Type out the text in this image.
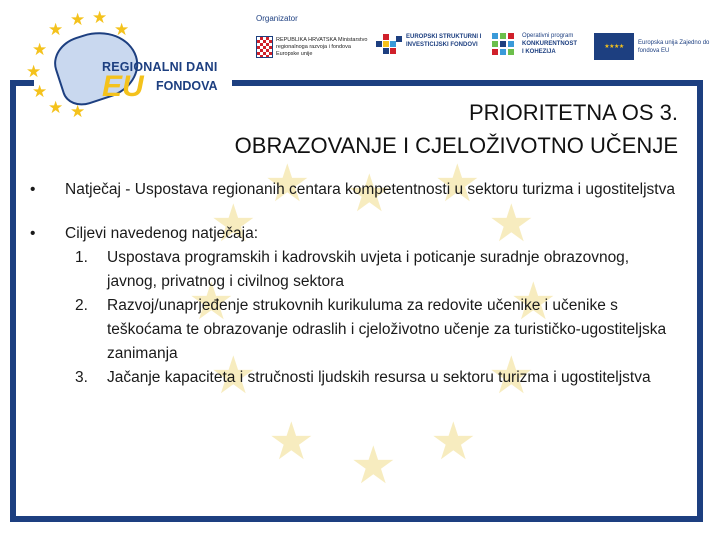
★ ★
★
★
★
★
★
★
★
★
★
★
★ ★ ★
★
★
★
★ ★
★
REGIONALNI DANI
EU FONDOVA
Organizator
REPUBLIKA HRVATSKA Ministarstvo regionalnoga razvoja i fondova Europske unije
EUROPSKI STRUKTURNI I INVESTICIJSKI FONDOVI
Operativni program
KONKURENTNOST
I KOHEZIJA
★★★★
Europska unija Zajedno do fondova EU
PRIORITETNA OS 3.
OBRAZOVANJE I CJELOŽIVOTNO UČENJE
• Natječaj - Uspostava regionanih centara kompetentnosti u sektoru turizma i ugostiteljstva
• Ciljevi navedenog natječaja:
1. Uspostava programskih i kadrovskih uvjeta i poticanje suradnje obrazovnog, javnog, privatnog i civilnog sektora
2. Razvoj/unaprjeđenje strukovnih kurikuluma za redovite učenike i učenike s teškoćama te obrazovanje odraslih i cjeloživotno učenje za turističko-ugostiteljska zanimanja
3. Jačanje kapaciteta i stručnosti ljudskih resursa u sektoru turizma i ugostiteljstva
